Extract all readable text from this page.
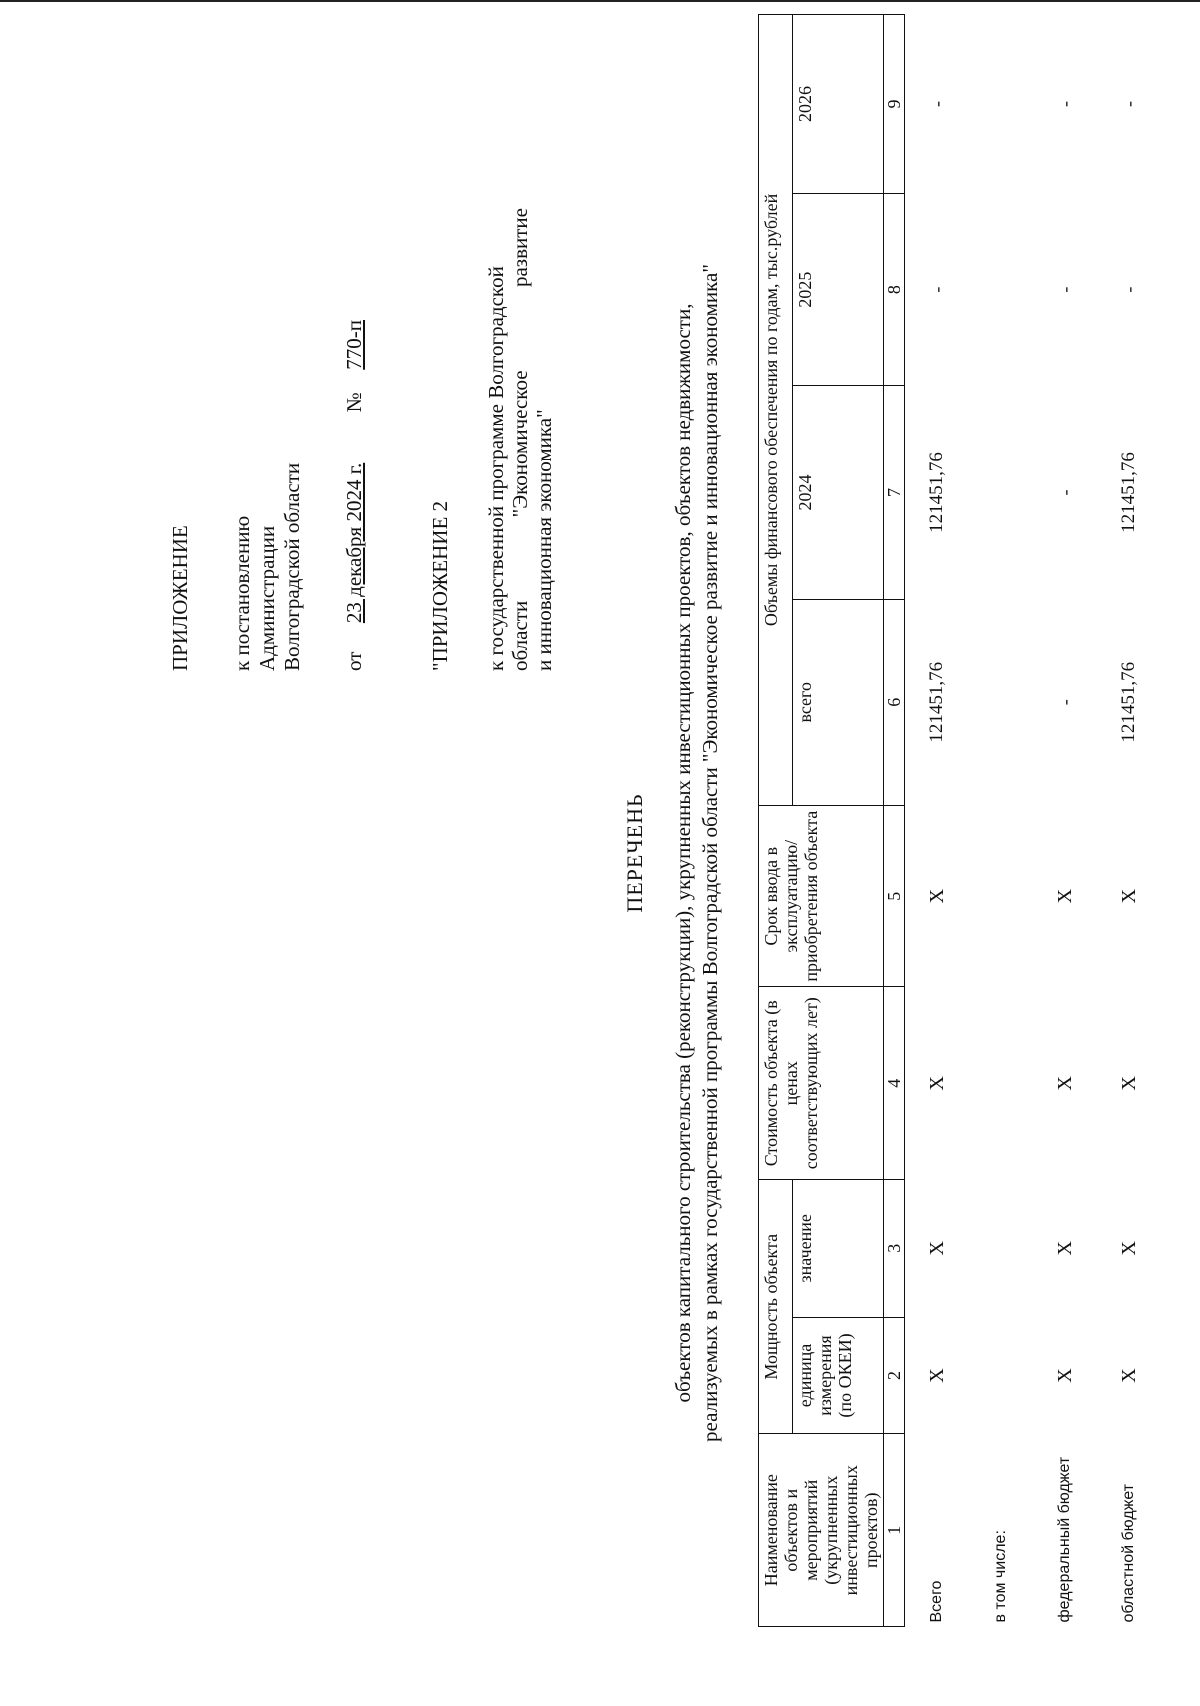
ПРИЛОЖЕНИЕ к постановлению Администрации Волгоградской области от  23 декабря 2024 г.  №  770-п
"ПРИЛОЖЕНИЕ 2 к государственной программе Волгоградской области
"Экономическое
развитие
и инновационная экономика"
ПЕРЕЧЕНЬ объектов капитального строительства (реконструкции), укрупненных инвестиционных проектов, объектов недвижимости, реализуемых в рамках государственной программы Волгоградской области "Экономическое развитие и инновационная экономика"
Наименование объектов и мероприятий (укрупненных инвестиционных проектов)	Мощность объекта		Стоимость объекта (в ценах соответствующих лет)	Срок ввода в эксплуатацию/ приобретения объекта	Объемы финансового обеспечения по годам, тыс.рублей			
	единица измерения (по ОКЕИ)	значение			всего	2024	2025	2026
1	2	3	4	5	6	7	8	9
Всего	X	X	X	X	121451,76	121451,76	-	-
в том числе:								
федеральный бюджет	X	X	X	X	-	-	-	-
областной бюджет	X	X	X	X	121451,76	121451,76	-	-
